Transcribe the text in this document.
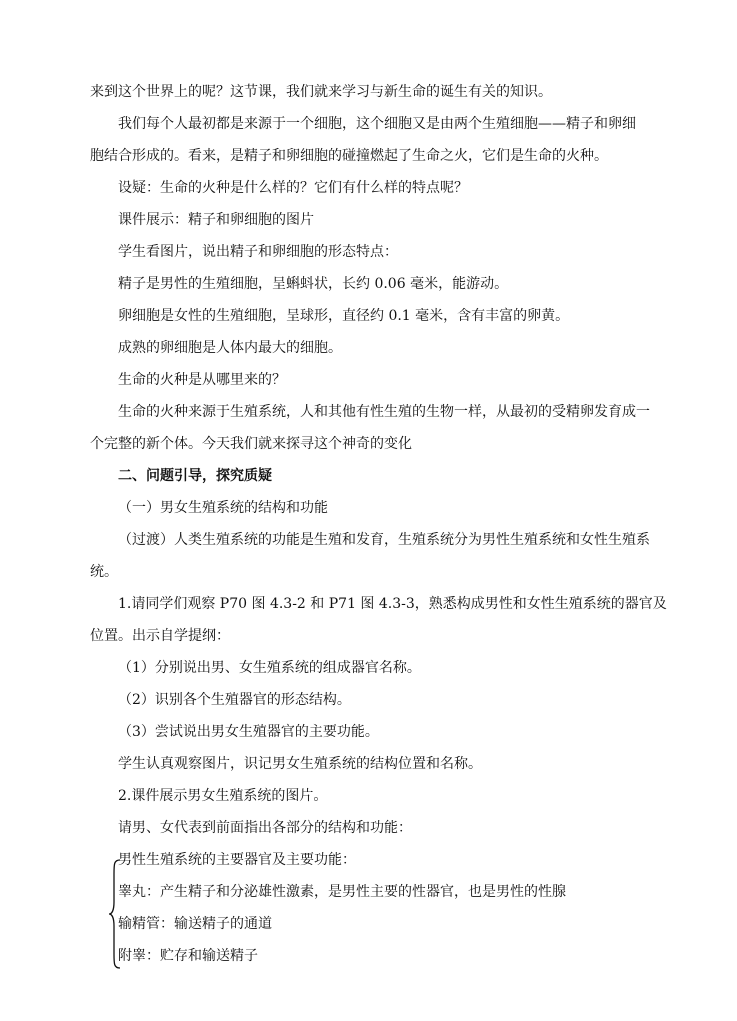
来到这个世界上的呢？这节课，我们就来学习与新生命的诞生有关的知识。
我们每个人最初都是来源于一个细胞，这个细胞又是由两个生殖细胞——精子和卵细
胞结合形成的。看来，是精子和卵细胞的碰撞燃起了生命之火，它们是生命的火种。
设疑：生命的火种是什么样的？它们有什么样的特点呢？
课件展示：精子和卵细胞的图片
学生看图片，说出精子和卵细胞的形态特点：
精子是男性的生殖细胞，呈蝌蚪状，长约 0.06 毫米，能游动。
卵细胞是女性的生殖细胞，呈球形，直径约 0.1 毫米，含有丰富的卵黄。
成熟的卵细胞是人体内最大的细胞。
生命的火种是从哪里来的？
生命的火种来源于生殖系统，人和其他有性生殖的生物一样，从最初的受精卵发育成一
个完整的新个体。今天我们就来探寻这个神奇的变化
二、问题引导，探究质疑
（一）男女生殖系统的结构和功能
（过渡）人类生殖系统的功能是生殖和发育，生殖系统分为男性生殖系统和女性生殖系
统。
1.请同学们观察 P70 图 4.3-2 和 P71 图 4.3-3，熟悉构成男性和女性生殖系统的器官及
位置。出示自学提纲：
（1）分别说出男、女生殖系统的组成器官名称。
（2）识别各个生殖器官的形态结构。
（3）尝试说出男女生殖器官的主要功能。
学生认真观察图片，识记男女生殖系统的结构位置和名称。
2.课件展示男女生殖系统的图片。
请男、女代表到前面指出各部分的结构和功能：
男性生殖系统的主要器官及主要功能：
睾丸：产生精子和分泌雄性激素，是男性主要的性器官，也是男性的性腺
输精管：输送精子的通道
附睾：贮存和输送精子
